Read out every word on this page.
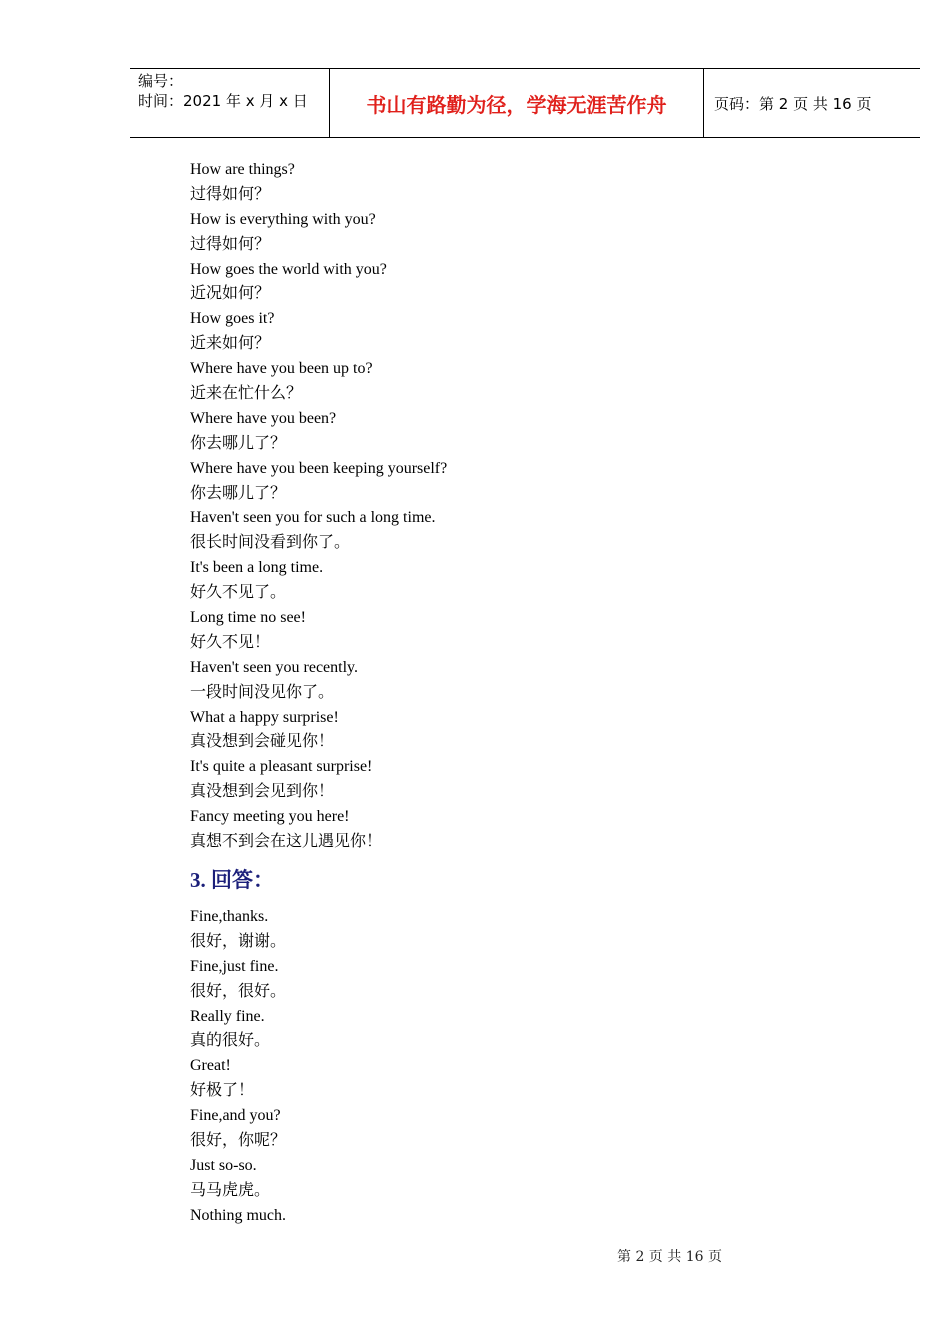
编号：
时间：2021 年 x 月 x 日	书山有路勤为径，学海无涯苦作舟	页码：第 2 页 共 16 页
How are things?
过得如何？
How is everything with you?
过得如何？
How goes the world with you?
近况如何？
How goes it?
近来如何？
Where have you been up to?
近来在忙什么？
Where have you been?
你去哪儿了？
Where have you been keeping yourself?
你去哪儿了？
Haven't seen you for such a long time.
很长时间没看到你了。
It's been a long time.
好久不见了。
Long time no see!
好久不见！
Haven't seen you recently.
一段时间没见你了。
What a happy surprise!
真没想到会碰见你！
It's quite a pleasant surprise!
真没想到会见到你！
Fancy meeting you here!
真想不到会在这儿遇见你！
3. 回答：
Fine,thanks.
很好，谢谢。
Fine,just fine.
很好，很好。
Really fine.
真的很好。
Great!
好极了！
Fine,and you?
很好，你呢？
Just so-so.
马马虎虎。
Nothing much.
第 2 页 共 16 页
